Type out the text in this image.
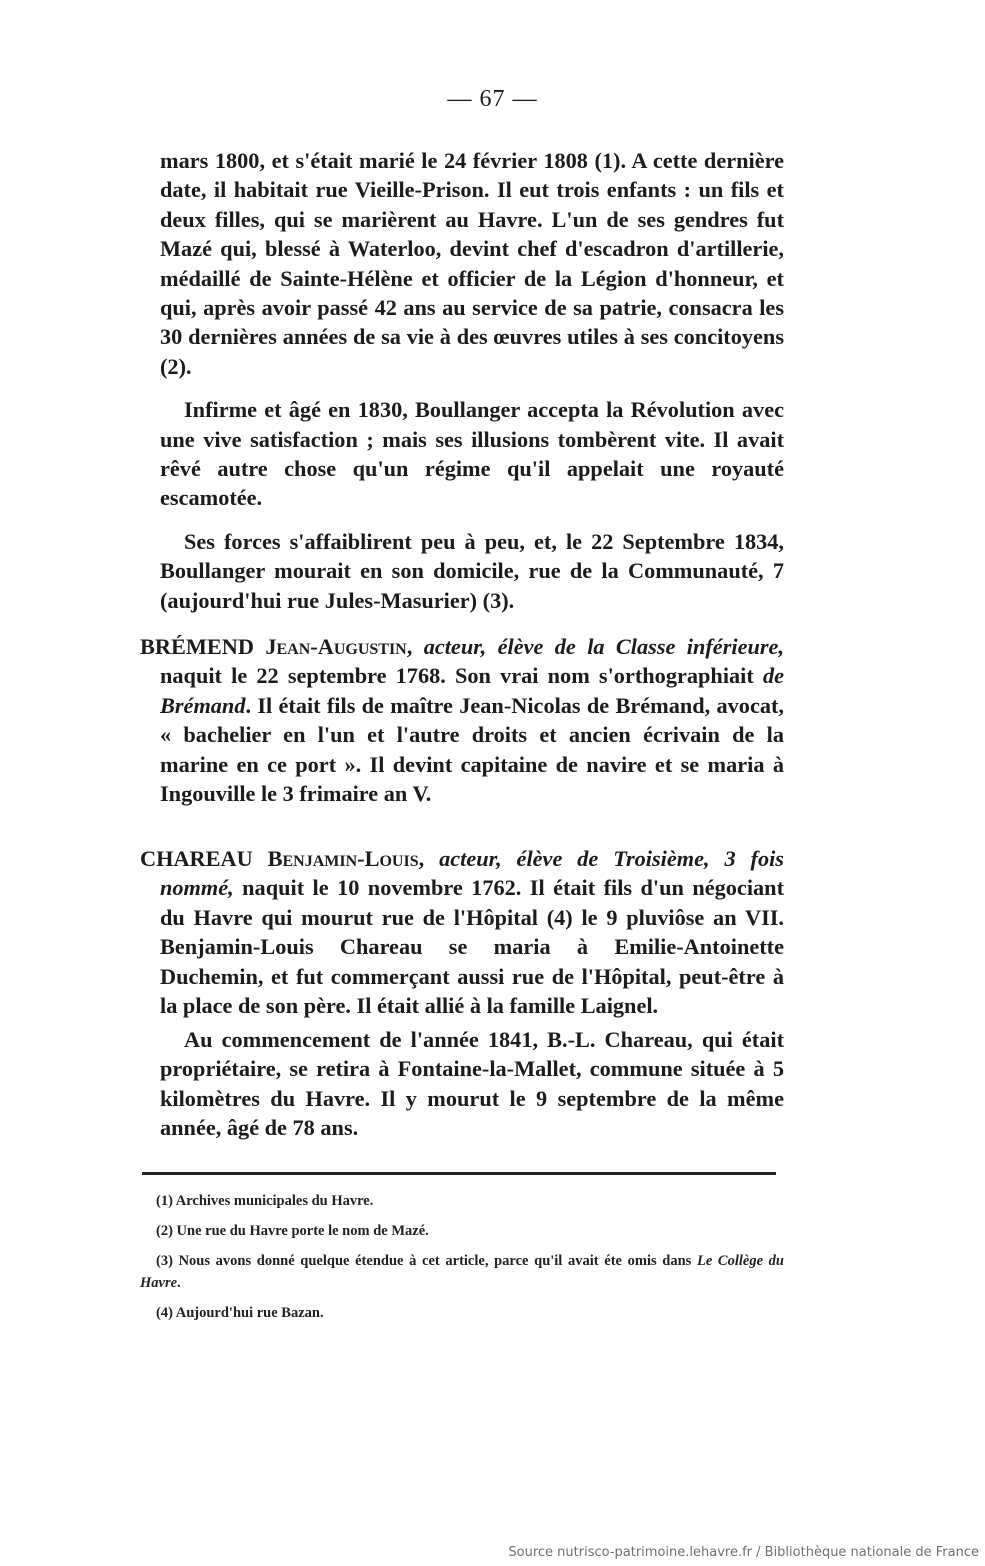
— 67 —

mars 1800, et s'était marié le 24 février 1808 (1). A cette dernière date, il habitait rue Vieille-Prison. Il eut trois enfants : un fils et deux filles, qui se marièrent au Havre. L'un de ses gendres fut Mazé qui, blessé à Waterloo, devint chef d'escadron d'artillerie, médaillé de Sainte-Hélène et officier de la Légion d'honneur, et qui, après avoir passé 42 ans au service de sa patrie, consacra les 30 dernières années de sa vie à des œuvres utiles à ses concitoyens (2).

Infirme et âgé en 1830, Boullanger accepta la Révolution avec une vive satisfaction ; mais ses illusions tombèrent vite. Il avait rêvé autre chose qu'un régime qu'il appelait une royauté escamotée.

Ses forces s'affaiblirent peu à peu, et, le 22 Septembre 1834, Boullanger mourait en son domicile, rue de la Communauté, 7 (aujourd'hui rue Jules-Masurier) (3).

BRÉMEND Jean-Augustin, acteur, élève de la Classe inférieure, naquit le 22 septembre 1768. Son vrai nom s'orthographiait de Brémand. Il était fils de maître Jean-Nicolas de Brémand, avocat, « bachelier en l'un et l'autre droits et ancien écrivain de la marine en ce port ». Il devint capitaine de navire et se maria à Ingouville le 3 frimaire an V.

CHAREAU Benjamin-Louis, acteur, élève de Troisième, 3 fois nommé, naquit le 10 novembre 1762. Il était fils d'un négociant du Havre qui mourut rue de l'Hôpital (4) le 9 pluviôse an VII. Benjamin-Louis Chareau se maria à Emilie-Antoinette Duchemin, et fut commerçant aussi rue de l'Hôpital, peut-être à la place de son père. Il était allié à la famille Laignel.

Au commencement de l'année 1841, B.-L. Chareau, qui était propriétaire, se retira à Fontaine-la-Mallet, commune située à 5 kilomètres du Havre. Il y mourut le 9 septembre de la même année, âgé de 78 ans.

(1) Archives municipales du Havre.

(2) Une rue du Havre porte le nom de Mazé.

(3) Nous avons donné quelque étendue à cet article, parce qu'il avait éte omis dans Le Collège du Havre.

(4) Aujourd'hui rue Bazan.

Source nutrisco-patrimoine.lehavre.fr / Bibliothèque nationale de France
